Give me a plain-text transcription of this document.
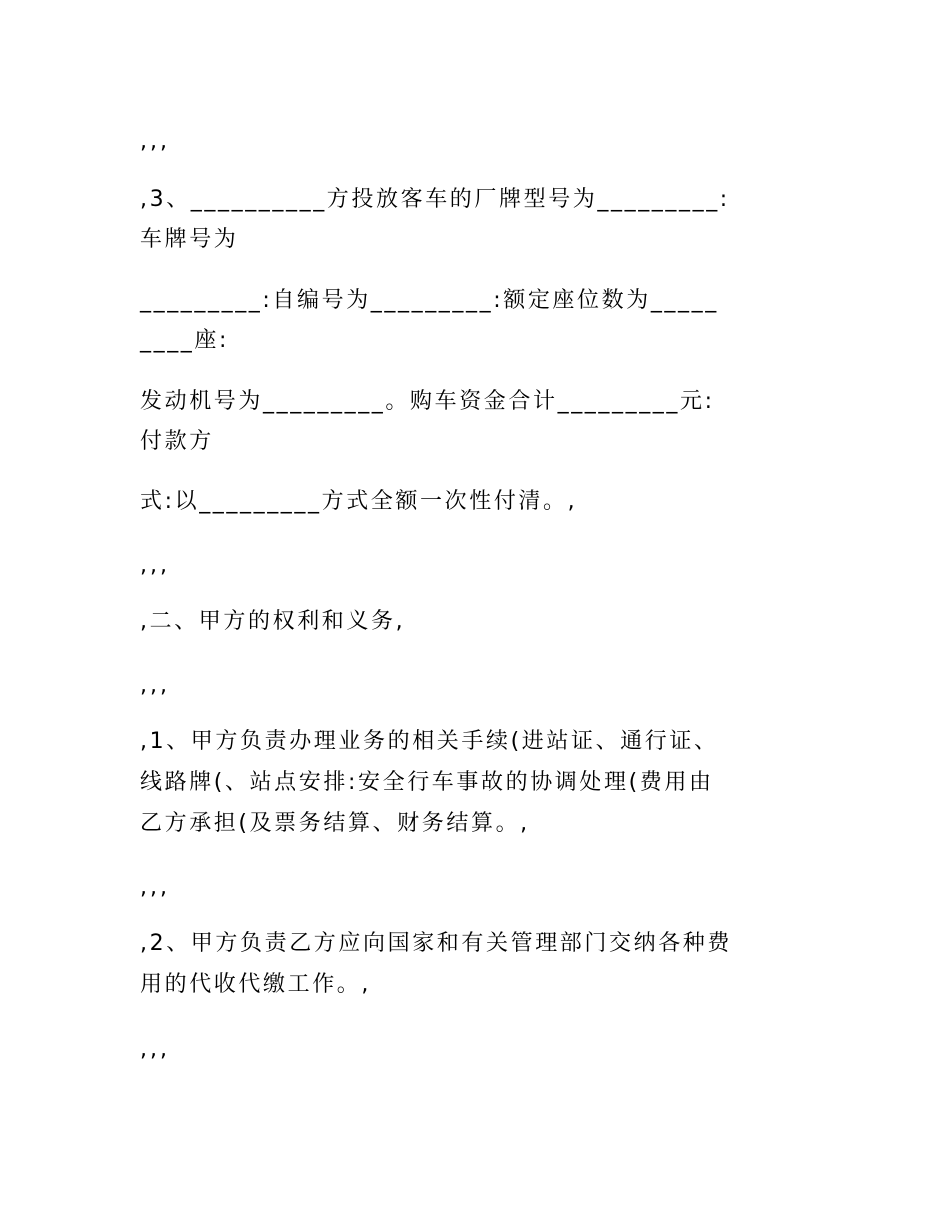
,,,

,3、__________方投放客车的厂牌型号为_________:

车牌号为

_________:自编号为_________:额定座位数为_____

____座:

发动机号为_________。购车资金合计_________元:

付款方

式:以_________方式全额一次性付清。,

,,,

,二、甲方的权利和义务,

,,,

,1、甲方负责办理业务的相关手续(进站证、通行证、

线路牌(、站点安排:安全行车事故的协调处理(费用由

乙方承担(及票务结算、财务结算。,

,,,

,2、甲方负责乙方应向国家和有关管理部门交纳各种费

用的代收代缴工作。,

,,,
